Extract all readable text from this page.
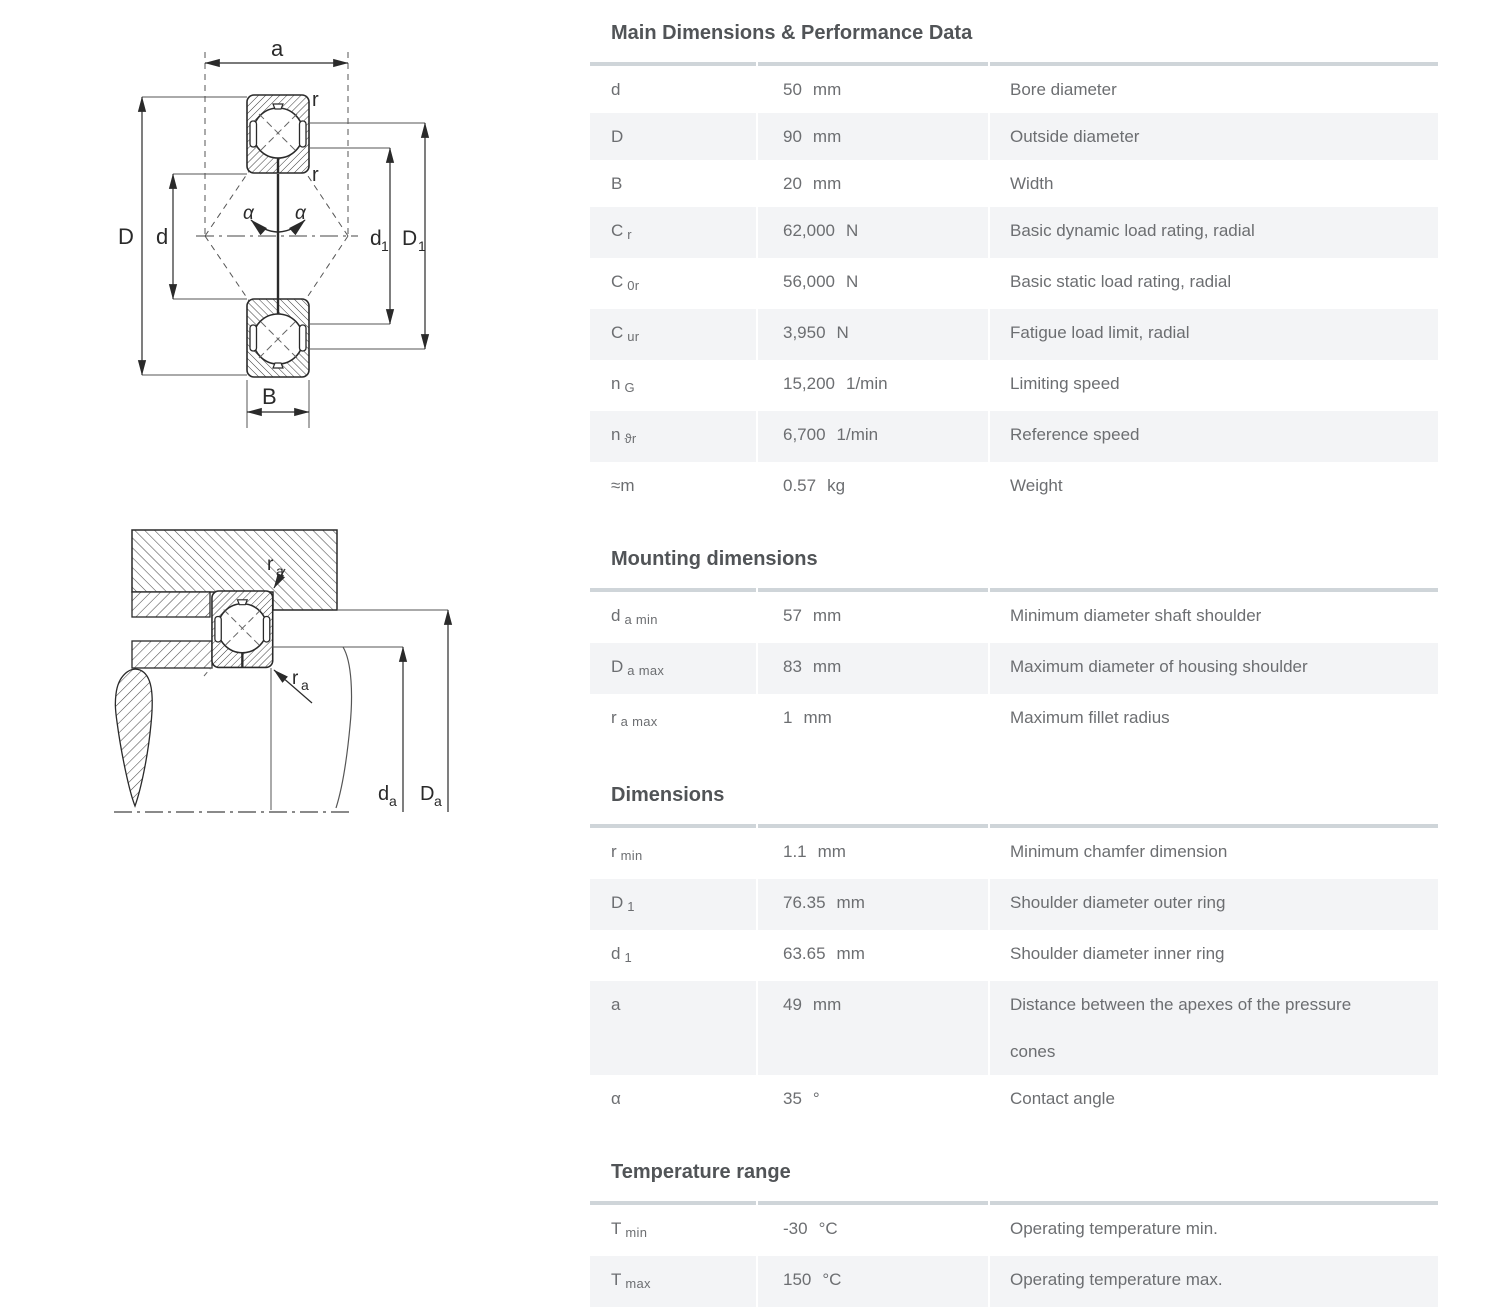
a
r
r
D d
α α
d 1 D 1
B
r a
r a
d a D a
Main Dimensions & Performance Data
d	50 mm	Bore diameter
D	90 mm	Outside diameter
B	20 mm	Width
C $_r$	62,000 N	Basic dynamic load rating, radial
C $_{0r}$	56,000 N	Basic static load rating, radial
C $_{ur}$	3,950 N	Fatigue load limit, radial
n $_G$	15,200 1/min	Limiting speed
n $_{ϑr}$	6,700 1/min	Reference speed
≈m	0.57 kg	Weight
Mounting dimensions
d $_{a min}$	57 mm	Minimum diameter shaft shoulder
D $_{a max}$	83 mm	Maximum diameter of housing shoulder
r $_{a max}$	1 mm	Maximum fillet radius
Dimensions
r $_{min}$	1.1 mm	Minimum chamfer dimension
D $_1$	76.35 mm	Shoulder diameter outer ring
d $_1$	63.65 mm	Shoulder diameter inner ring
a	49 mm	Distance between the apexes of the pressure cones
α	35 °	Contact angle
Temperature range
T $_{min}$	-30 °C	Operating temperature min.
T $_{max}$	150 °C	Operating temperature max.
